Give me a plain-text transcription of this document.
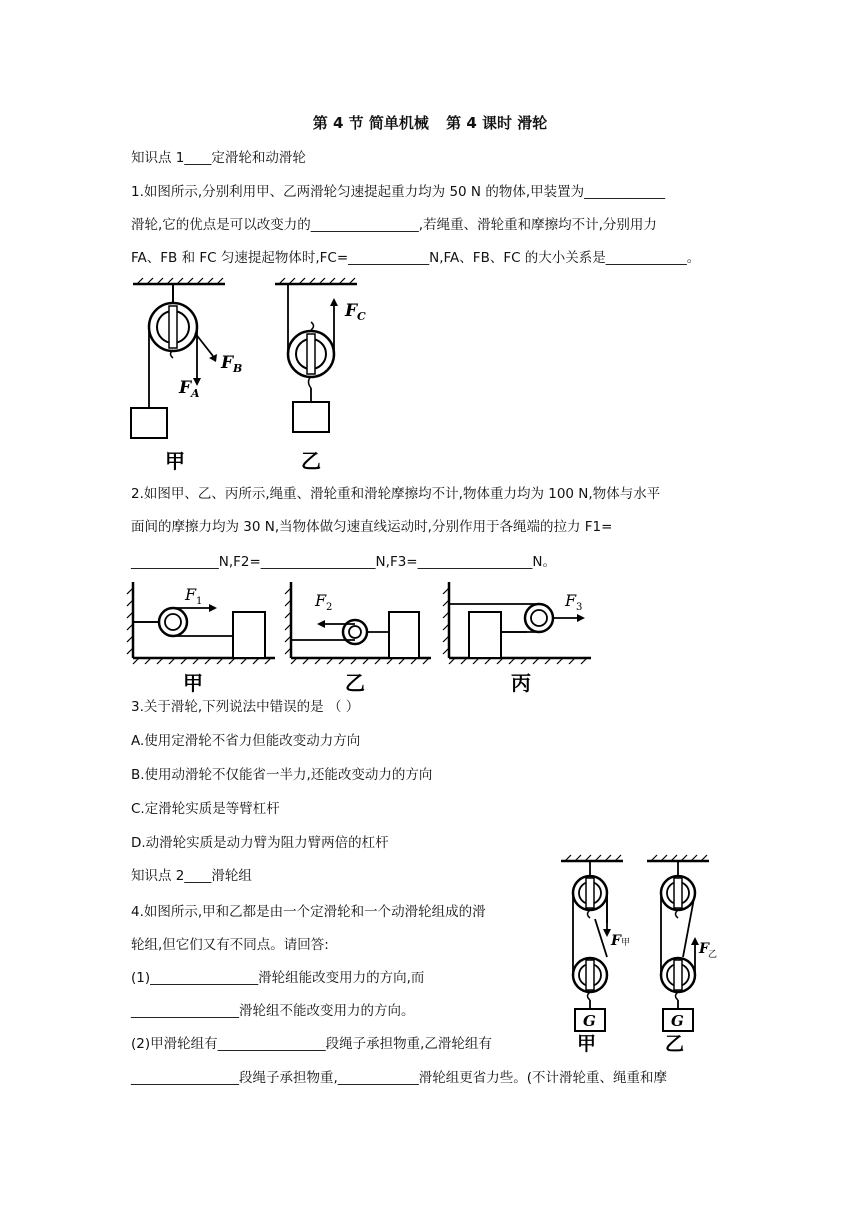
第 4 节 简单机械 第 4 课时 滑轮
知识点 1____定滑轮和动滑轮
1.如图所示,分别利用甲、乙两滑轮匀速提起重力均为 50 N 的物体,甲装置为____________
滑轮,它的优点是可以改变力的________________,若绳重、滑轮重和摩擦均不计,分别用力
FA、FB 和 FC 匀速提起物体时,FC=____________N,FA、FB、FC 的大小关系是____________。
F B
F A
甲
F C
乙
2.如图甲、乙、丙所示,绳重、滑轮重和滑轮摩擦均不计,物体重力均为 100 N,物体与水平
面间的摩擦力均为 30 N,当物体做匀速直线运动时,分别作用于各绳端的拉力 F1=
_____________N,F2=_________________N,F3=_________________N。
F 1
甲
F 2
乙
F 3
丙
3.关于滑轮,下列说法中错误的是 （ ）
A.使用定滑轮不省力但能改变动力方向
B.使用动滑轮不仅能省一半力,还能改变动力的方向
C.定滑轮实质是等臂杠杆
D.动滑轮实质是动力臂为阻力臂两倍的杠杆
知识点 2____滑轮组
4.如图所示,甲和乙都是由一个定滑轮和一个动滑轮组成的滑
轮组,但它们又有不同点。请回答:
(1)________________滑轮组能改变用力的方向,而
________________滑轮组不能改变用力的方向。
(2)甲滑轮组有________________段绳子承担物重,乙滑轮组有
________________段绳子承担物重,____________滑轮组更省力些。(不计滑轮重、绳重和摩
G
F 甲
甲
G
F 乙
乙
